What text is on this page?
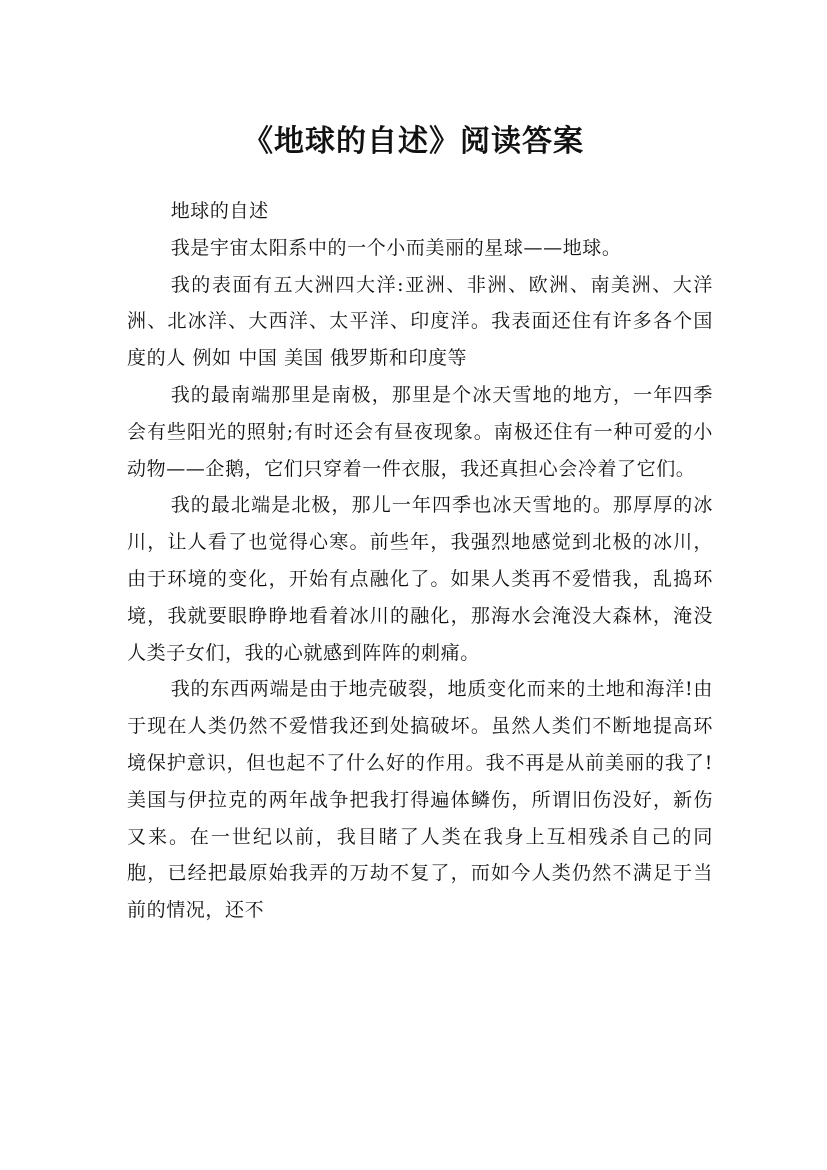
《地球的自述》阅读答案

地球的自述

我是宇宙太阳系中的一个小而美丽的星球——地球。

我的表面有五大洲四大洋:亚洲、非洲、欧洲、南美洲、大洋洲、北冰洋、大西洋、太平洋、印度洋。我表面还住有许多各个国度的人 例如 中国 美国 俄罗斯和印度等

我的最南端那里是南极，那里是个冰天雪地的地方，一年四季会有些阳光的照射;有时还会有昼夜现象。南极还住有一种可爱的小动物——企鹅，它们只穿着一件衣服，我还真担心会冷着了它们。

我的最北端是北极，那儿一年四季也冰天雪地的。那厚厚的冰川，让人看了也觉得心寒。前些年，我强烈地感觉到北极的冰川，由于环境的变化，开始有点融化了。如果人类再不爱惜我，乱捣环境，我就要眼睁睁地看着冰川的融化，那海水会淹没大森林，淹没人类子女们，我的心就感到阵阵的刺痛。

我的东西两端是由于地壳破裂，地质变化而来的土地和海洋!由于现在人类仍然不爱惜我还到处搞破坏。虽然人类们不断地提高环境保护意识，但也起不了什么好的作用。我不再是从前美丽的我了!美国与伊拉克的两年战争把我打得遍体鳞伤，所谓旧伤没好，新伤又来。在一世纪以前，我目睹了人类在我身上互相残杀自己的同胞，已经把最原始我弄的万劫不复了，而如今人类仍然不满足于当前的情况，还不
